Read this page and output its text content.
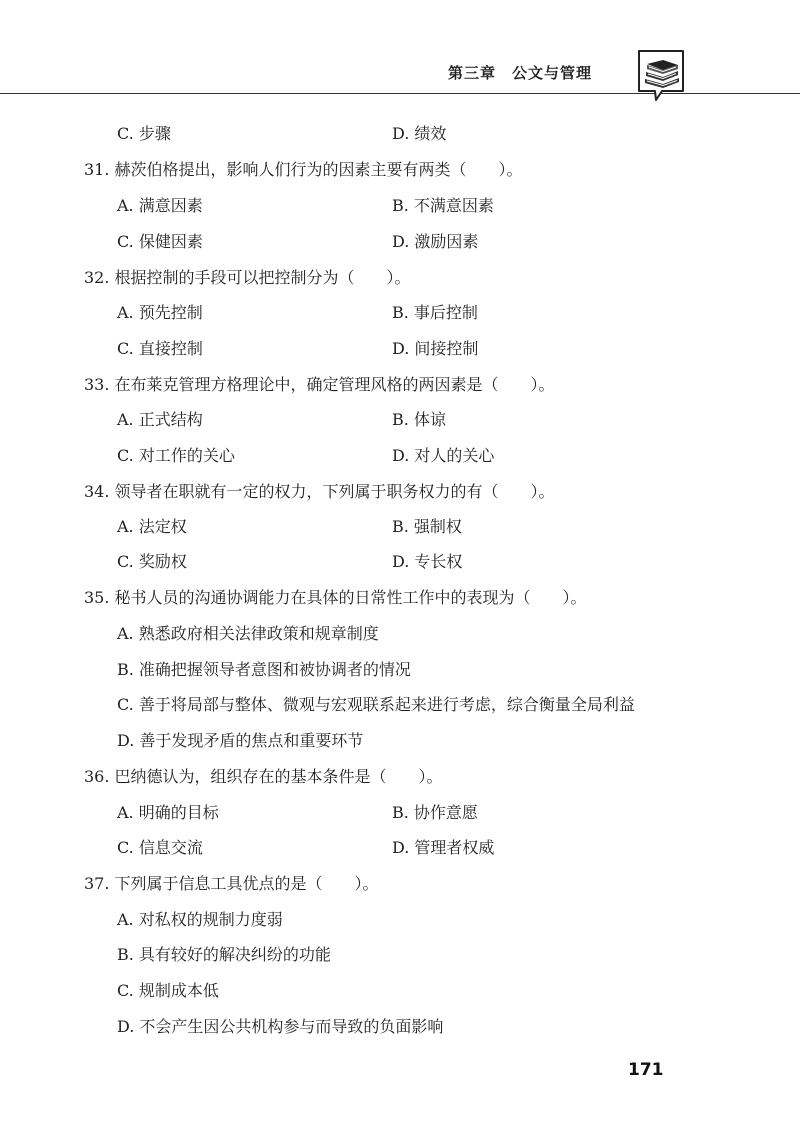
第三章　公文与管理
C. 步骤	D. 绩效
31. 赫茨伯格提出，影响人们行为的因素主要有两类（　　）。
A. 满意因素	B. 不满意因素
C. 保健因素	D. 激励因素
32. 根据控制的手段可以把控制分为（　　）。
A. 预先控制	B. 事后控制
C. 直接控制	D. 间接控制
33. 在布莱克管理方格理论中，确定管理风格的两因素是（　　）。
A. 正式结构	B. 体谅
C. 对工作的关心	D. 对人的关心
34. 领导者在职就有一定的权力，下列属于职务权力的有（　　）。
A. 法定权	B. 强制权
C. 奖励权	D. 专长权
35. 秘书人员的沟通协调能力在具体的日常性工作中的表现为（　　）。
A. 熟悉政府相关法律政策和规章制度
B. 准确把握领导者意图和被协调者的情况
C. 善于将局部与整体、微观与宏观联系起来进行考虑，综合衡量全局利益
D. 善于发现矛盾的焦点和重要环节
36. 巴纳德认为，组织存在的基本条件是（　　）。
A. 明确的目标	B. 协作意愿
C. 信息交流	D. 管理者权威
37. 下列属于信息工具优点的是（　　）。
A. 对私权的规制力度弱
B. 具有较好的解决纠纷的功能
C. 规制成本低
D. 不会产生因公共机构参与而导致的负面影响
171
